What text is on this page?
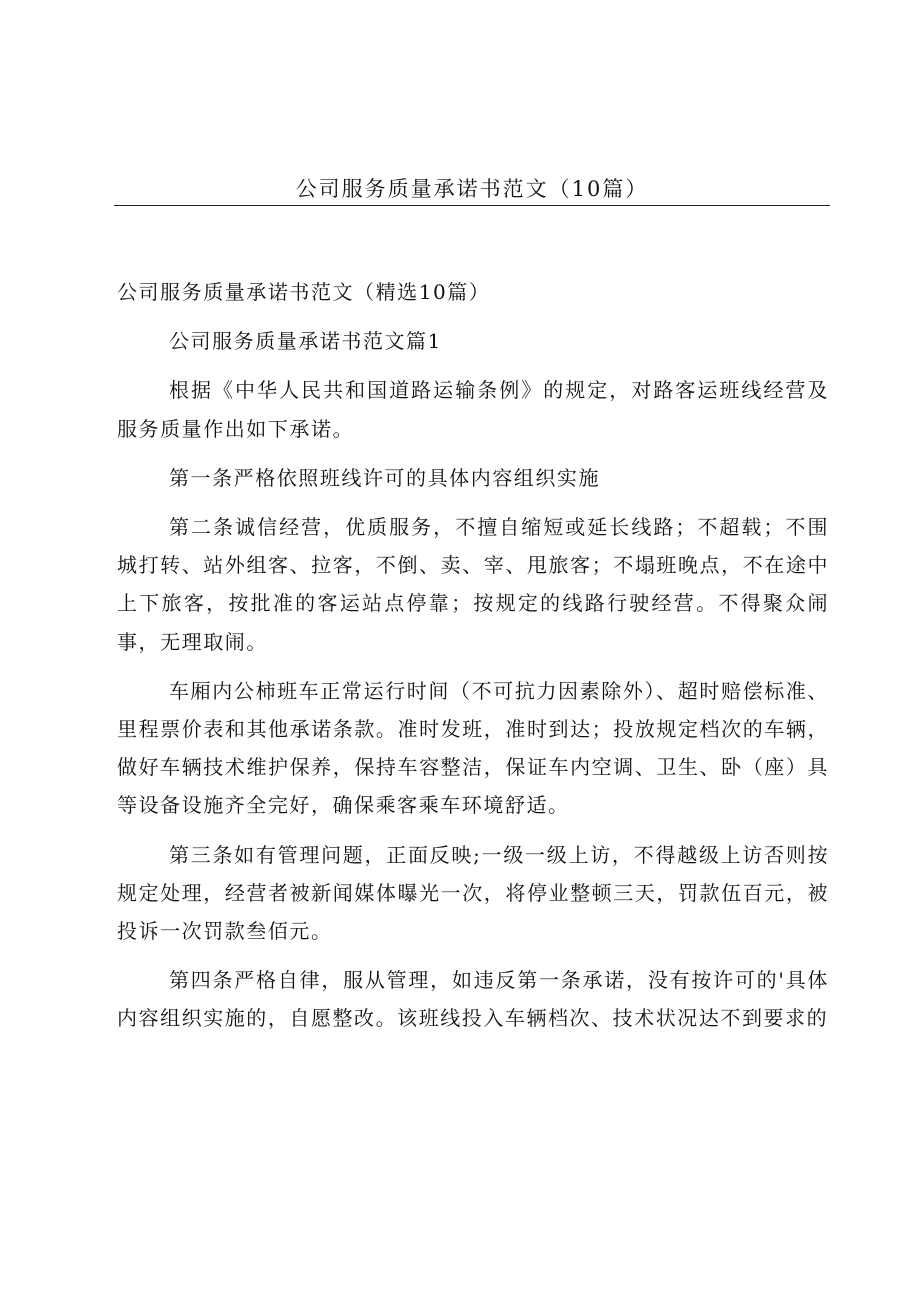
公司服务质量承诺书范文（10篇）

公司服务质量承诺书范文（精选10篇）

公司服务质量承诺书范文篇1

根据《中华人民共和国道路运输条例》的规定，对路客运班线经营及服务质量作出如下承诺。

第一条严格依照班线许可的具体内容组织实施

第二条诚信经营，优质服务，不擅自缩短或延长线路；不超载；不围城打转、站外组客、拉客，不倒、卖、宰、甩旅客；不塌班晚点，不在途中上下旅客，按批准的客运站点停靠；按规定的线路行驶经营。不得聚众闹事，无理取闹。

车厢内公柿班车正常运行时间（不可抗力因素除外）、超时赔偿标准、里程票价表和其他承诺条款。准时发班，准时到达；投放规定档次的车辆，做好车辆技术维护保养，保持车容整洁，保证车内空调、卫生、卧（座）具等设备设施齐全完好，确保乘客乘车环境舒适。

第三条如有管理问题，正面反映;一级一级上访，不得越级上访否则按规定处理，经营者被新闻媒体曝光一次，将停业整顿三天，罚款伍百元，被投诉一次罚款叁佰元。

第四条严格自律，服从管理，如违反第一条承诺，没有按许可的'具体内容组织实施的，自愿整改。该班线投入车辆档次、技术状况达不到要求的
